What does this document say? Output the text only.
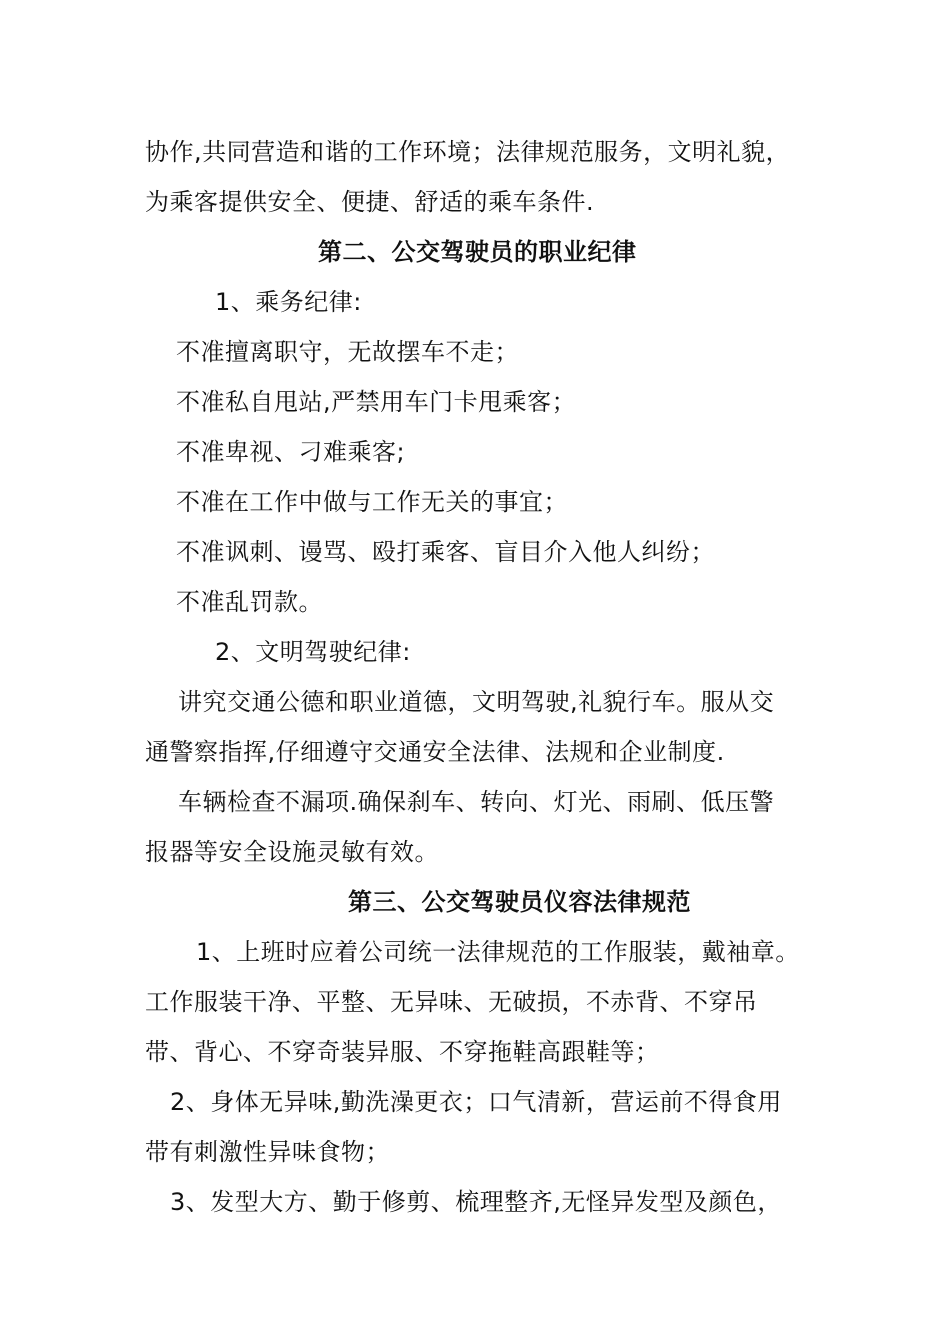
协作,共同营造和谐的工作环境；法律规范服务，文明礼貌，
为乘客提供安全、便捷、舒适的乘车条件.
第二、公交驾驶员的职业纪律
1、乘务纪律:
不准擅离职守，无故摆车不走；
不准私自甩站,严禁用车门卡甩乘客；
不准卑视、刁难乘客;
不准在工作中做与工作无关的事宜；
不准讽刺、谩骂、殴打乘客、盲目介入他人纠纷；
不准乱罚款。
2、文明驾驶纪律:
讲究交通公德和职业道德，文明驾驶,礼貌行车。服从交
通警察指挥,仔细遵守交通安全法律、法规和企业制度.
车辆检查不漏项.确保刹车、转向、灯光、雨刷、低压警
报器等安全设施灵敏有效。
第三、公交驾驶员仪容法律规范
1、上班时应着公司统一法律规范的工作服装，戴袖章。
工作服装干净、平整、无异味、无破损，不赤背、不穿吊
带、背心、不穿奇装异服、不穿拖鞋高跟鞋等；
2、身体无异味,勤洗澡更衣；口气清新，营运前不得食用
带有刺激性异味食物；
3、发型大方、勤于修剪、梳理整齐,无怪异发型及颜色，
